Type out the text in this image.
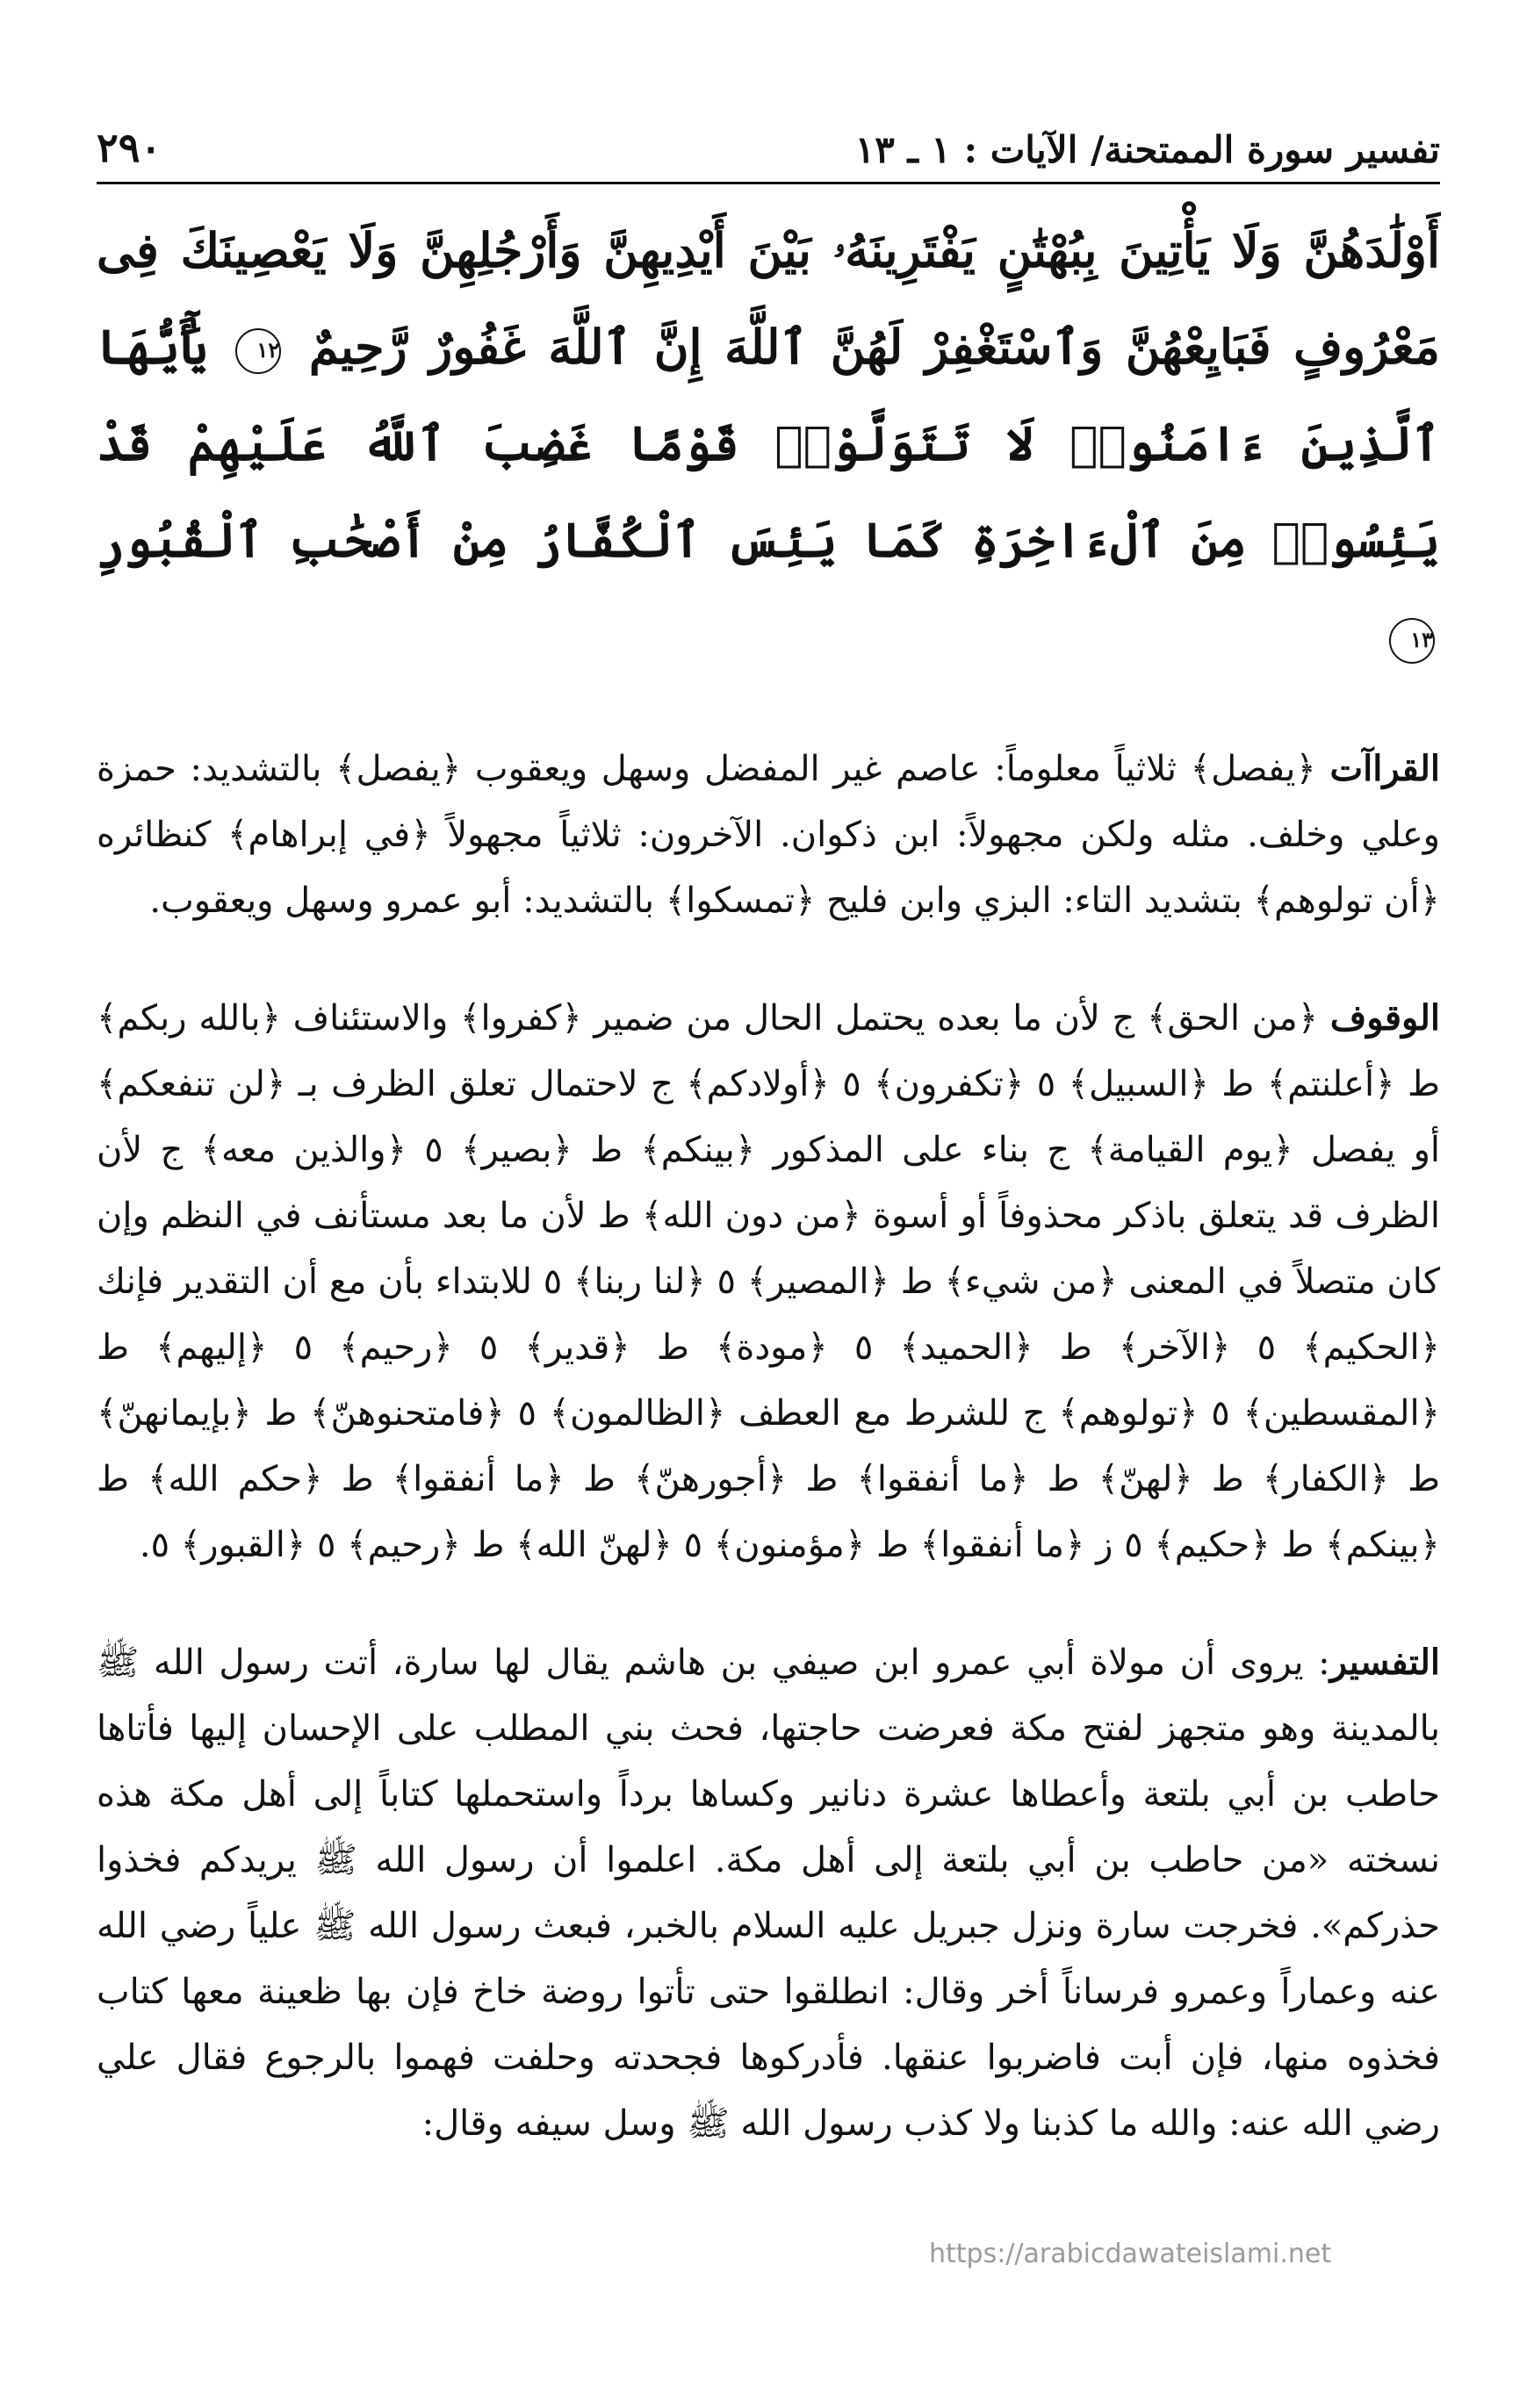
تفسير سورة الممتحنة/ الآيات : ١ ـ ١٣
٢٩٠
أَوْلَٰدَهُنَّ وَلَا يَأْتِينَ بِبُهْتَٰنٍ يَفْتَرِينَهُۥ بَيْنَ أَيْدِيهِنَّ وَأَرْجُلِهِنَّ وَلَا يَعْصِينَكَ فِى مَعْرُوفٍ فَبَايِعْهُنَّ وَٱسْتَغْفِرْ لَهُنَّ ٱللَّهَ إِنَّ ٱللَّهَ غَفُورٌ رَّحِيمٌ ١٢ يَٰٓأَيُّهَا ٱلَّذِينَ ءَامَنُوا۟ لَا تَتَوَلَّوْا۟ قَوْمًا غَضِبَ ٱللَّهُ عَلَيْهِمْ قَدْ يَئِسُوا۟ مِنَ ٱلْءَاخِرَةِ كَمَا يَئِسَ ٱلْكُفَّارُ مِنْ أَصْحَٰبِ ٱلْقُبُورِ ١٣

القراآت ﴿يفصل﴾ ثلاثياً معلوماً: عاصم غير المفضل وسهل ويعقوب ﴿يفصل﴾ بالتشديد: حمزة وعلي وخلف. مثله ولكن مجهولاً: ابن ذكوان. الآخرون: ثلاثياً مجهولاً ﴿في إبراهام﴾ كنظائره ﴿أن تولوهم﴾ بتشديد التاء: البزي وابن فليح ﴿تمسكوا﴾ بالتشديد: أبو عمرو وسهل ويعقوب.

الوقوف ﴿من الحق﴾ ج لأن ما بعده يحتمل الحال من ضمير ﴿كفروا﴾ والاستئناف ﴿بالله ربكم﴾ ط ﴿أعلنتم﴾ ط ﴿السبيل﴾ ٥ ﴿تكفرون﴾ ٥ ﴿أولادكم﴾ ج لاحتمال تعلق الظرف بـ ﴿لن تنفعكم﴾ أو يفصل ﴿يوم القيامة﴾ ج بناء على المذكور ﴿بينكم﴾ ط ﴿بصير﴾ ٥ ﴿والذين معه﴾ ج لأن الظرف قد يتعلق باذكر محذوفاً أو أسوة ﴿من دون الله﴾ ط لأن ما بعد مستأنف في النظم وإن كان متصلاً في المعنى ﴿من شيء﴾ ط ﴿المصير﴾ ٥ ﴿لنا ربنا﴾ ٥ للابتداء بأن مع أن التقدير فإنك ﴿الحكيم﴾ ٥ ﴿الآخر﴾ ط ﴿الحميد﴾ ٥ ﴿مودة﴾ ط ﴿قدير﴾ ٥ ﴿رحيم﴾ ٥ ﴿إليهم﴾ ط ﴿المقسطين﴾ ٥ ﴿تولوهم﴾ ج للشرط مع العطف ﴿الظالمون﴾ ٥ ﴿فامتحنوهنّ﴾ ط ﴿بإيمانهنّ﴾ ط ﴿الكفار﴾ ط ﴿لهنّ﴾ ط ﴿ما أنفقوا﴾ ط ﴿أجورهنّ﴾ ط ﴿ما أنفقوا﴾ ط ﴿حكم الله﴾ ط ﴿بينكم﴾ ط ﴿حكيم﴾ ٥ ز ﴿ما أنفقوا﴾ ط ﴿مؤمنون﴾ ٥ ﴿لهنّ الله﴾ ط ﴿رحيم﴾ ٥ ﴿القبور﴾ ٥.

التفسير: يروى أن مولاة أبي عمرو ابن صيفي بن هاشم يقال لها سارة، أتت رسول الله ﷺ بالمدينة وهو متجهز لفتح مكة فعرضت حاجتها، فحث بني المطلب على الإحسان إليها فأتاها حاطب بن أبي بلتعة وأعطاها عشرة دنانير وكساها برداً واستحملها كتاباً إلى أهل مكة هذه نسخته «من حاطب بن أبي بلتعة إلى أهل مكة. اعلموا أن رسول الله ﷺ يريدكم فخذوا حذركم». فخرجت سارة ونزل جبريل عليه السلام بالخبر، فبعث رسول الله ﷺ علياً رضي الله عنه وعماراً وعمرو فرساناً أخر وقال: انطلقوا حتى تأتوا روضة خاخ فإن بها ظعينة معها كتاب فخذوه منها، فإن أبت فاضربوا عنقها. فأدركوها فجحدته وحلفت فهموا بالرجوع فقال علي رضي الله عنه: والله ما كذبنا ولا كذب رسول الله ﷺ وسل سيفه وقال:

https://arabicdawateislami.net
